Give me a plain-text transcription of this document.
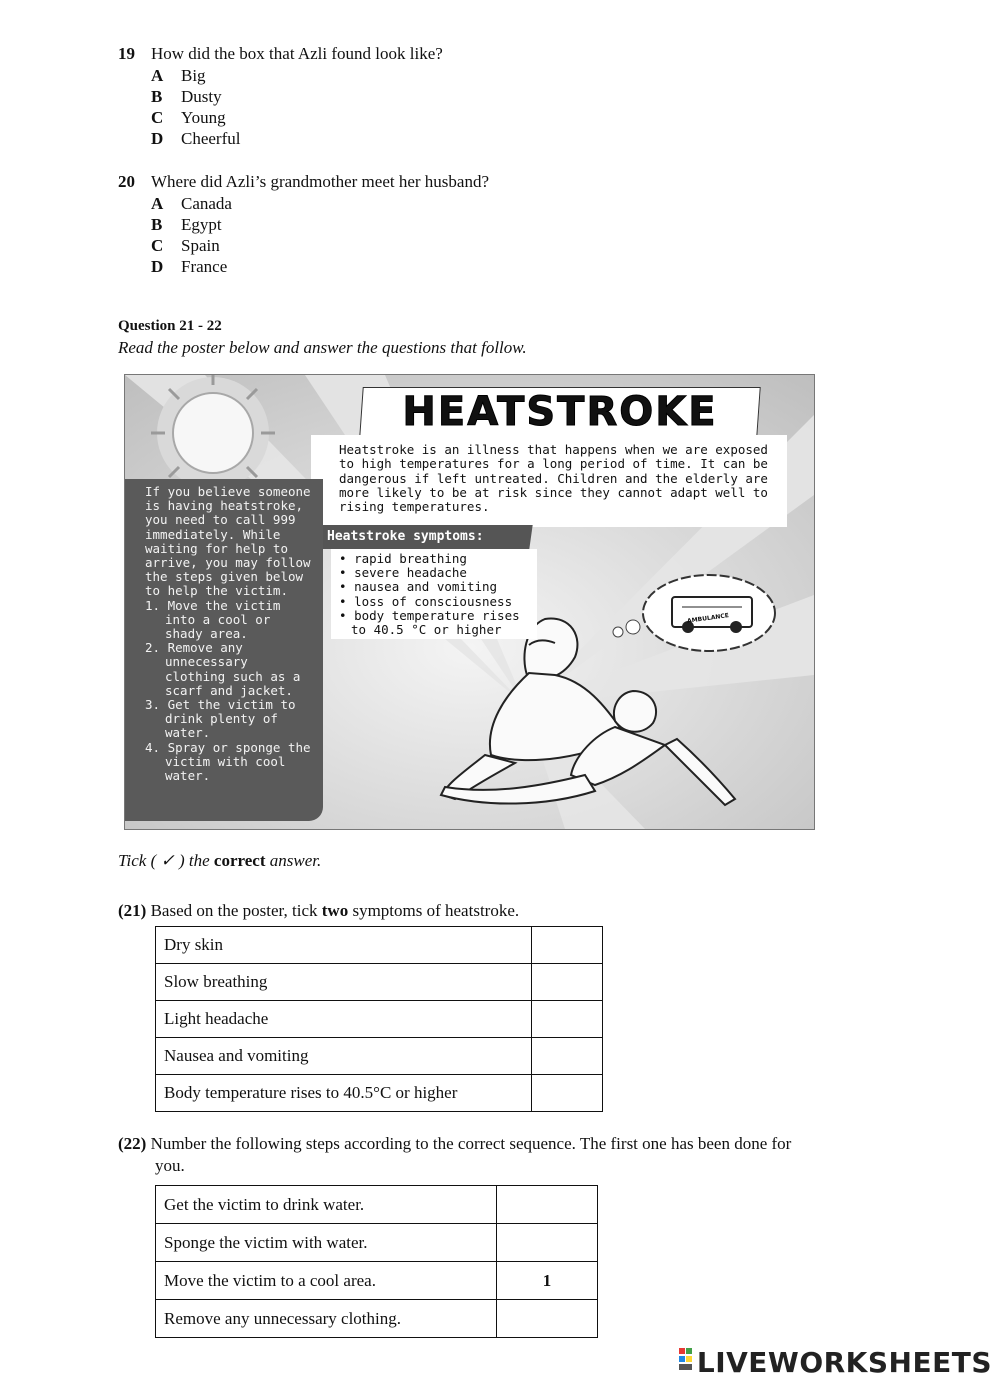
19 How did the box that Azli found look like?
A Big
B Dusty
C Young
D Cheerful
20 Where did Azli’s grandmother meet her husband?
A Canada
B Egypt
C Spain
D France
Question 21 - 22
Read the poster below and answer the questions that follow.
HEATSTROKE

Heatstroke is an illness that happens when we are exposed to high temperatures for a long period of time. It can be dangerous if left untreated. Children and the elderly are more likely to be at risk since they cannot adapt well to rising temperatures.

Heatstroke symptoms:
• rapid breathing
• severe headache
• nausea and vomiting
• loss of consciousness
• body temperature rises to 40.5 °C or higher

If you believe someone is having heatstroke, you need to call 999 immediately. While waiting for help to arrive, you may follow the steps given below to help the victim.

1. Move the victim into a cool or shady area.
2. Remove any unnecessary clothing such as a scarf and jacket.
3. Get the victim to drink plenty of water.
4. Spray or sponge the victim with cool water.
AMBULANCE
Tick ( ✓ ) the correct answer.
(21) Based on the poster, tick two symptoms of heatstroke.
Dry skin	
Slow breathing	
Light headache	
Nausea and vomiting	
Body temperature rises to 40.5°C or higher	
(22) Number the following steps according to the correct sequence. The first one has been done for
you.
Get the victim to drink water.	
Sponge the victim with water.	
Move the victim to a cool area.	1
Remove any unnecessary clothing.	
LIVEWORKSHEETS
